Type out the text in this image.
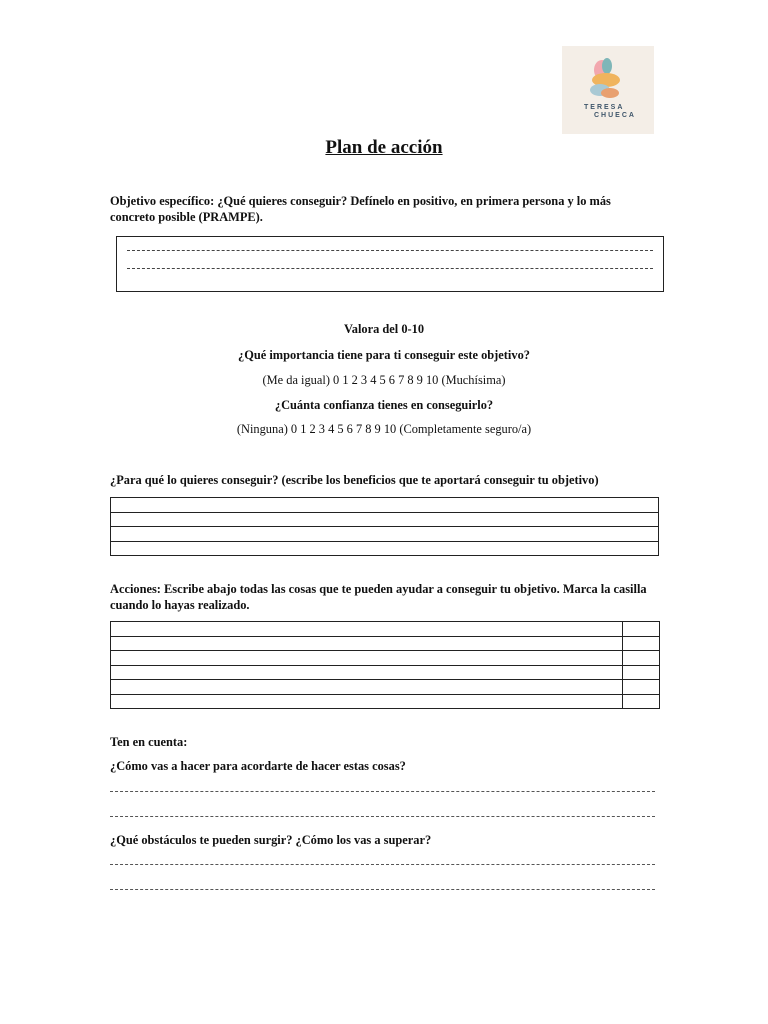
TERESA
CHUECA
Plan de acción
Objetivo específico: ¿Qué quieres conseguir? Defínelo en positivo, en primera persona y lo más concreto posible (PRAMPE).
Valora del 0-10
¿Qué importancia tiene para ti conseguir este objetivo?
(Me da igual) 0 1 2 3 4 5 6 7 8 9 10 (Muchísima)
¿Cuánta confianza tienes en conseguirlo?
(Ninguna) 0 1 2 3 4 5 6 7 8 9 10 (Completamente seguro/a)
¿Para qué lo quieres conseguir? (escribe los beneficios que te aportará conseguir tu objetivo)

Acciones: Escribe abajo todas las cosas que te pueden ayudar a conseguir tu objetivo. Marca la casilla cuando lo hayas realizado.

Ten en cuenta:
¿Cómo vas a hacer para acordarte de hacer estas cosas?
¿Qué obstáculos te pueden surgir? ¿Cómo los vas a superar?
